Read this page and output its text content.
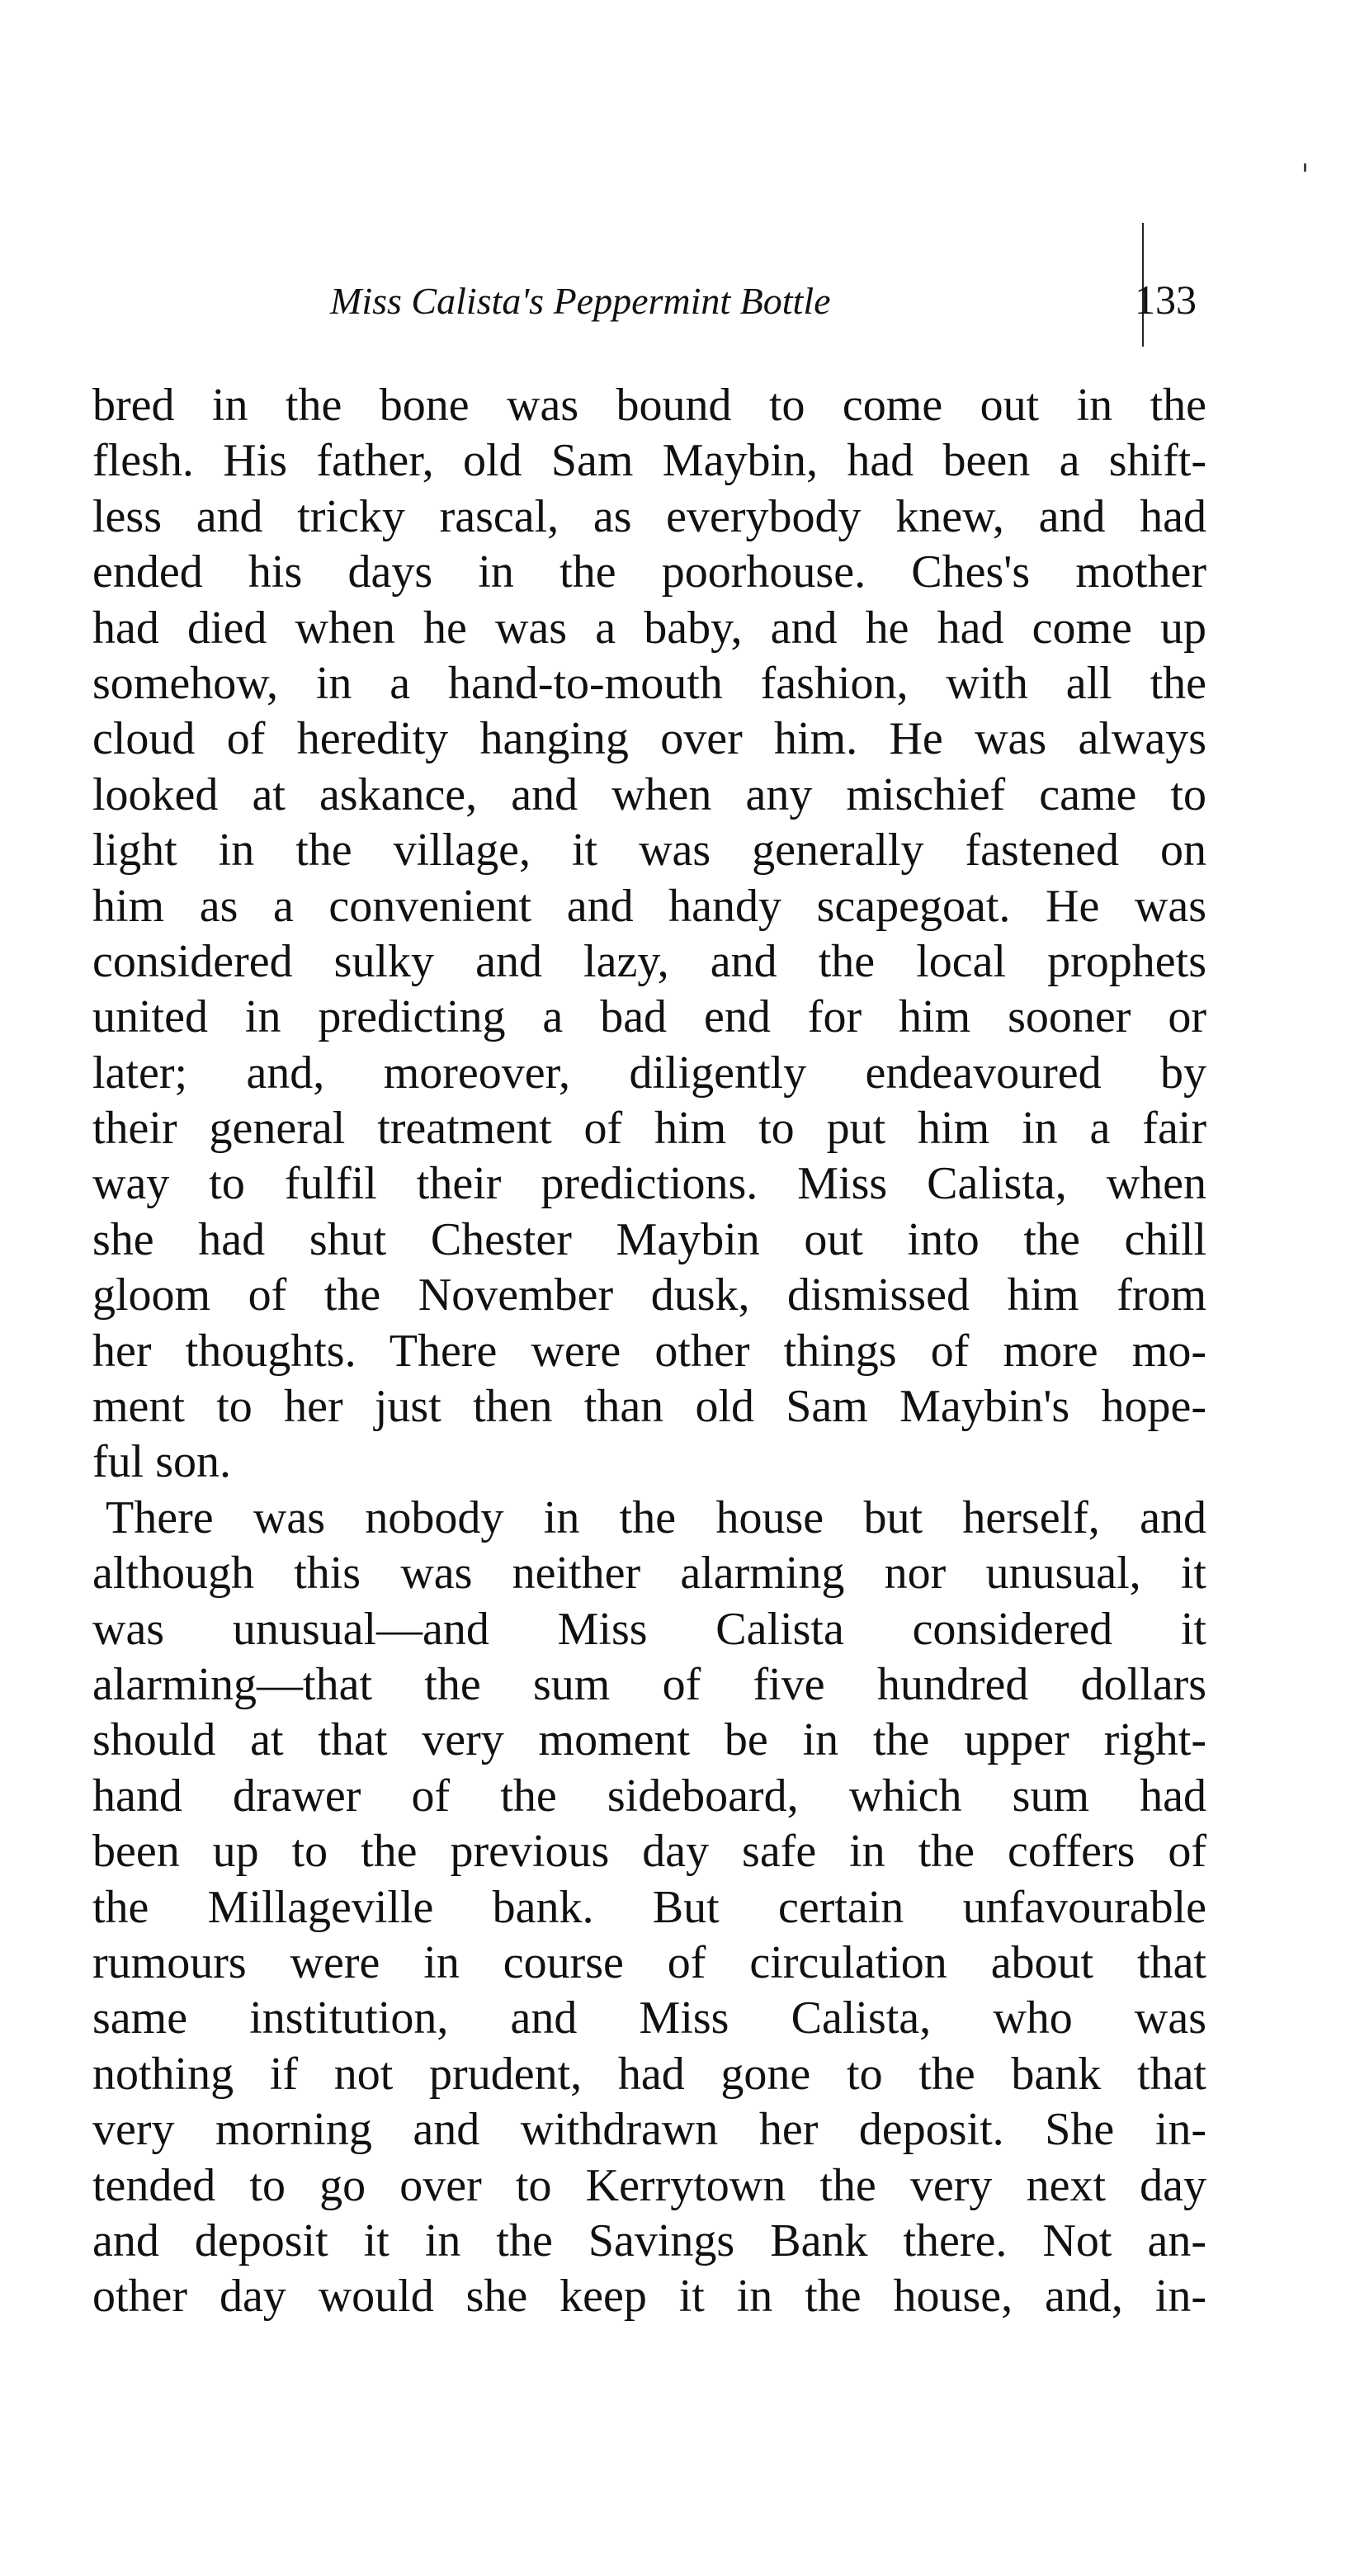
Miss Calista's Peppermint Bottle	133
bred in the bone was bound to come out in the
flesh. His father, old Sam Maybin, had been a shift-
less and tricky rascal, as everybody knew, and had
ended his days in the poorhouse. Ches's mother
had died when he was a baby, and he had come up
somehow, in a hand-to-mouth fashion, with all the
cloud of heredity hanging over him. He was always
looked at askance, and when any mischief came to
light in the village, it was generally fastened on
him as a convenient and handy scapegoat. He was
considered sulky and lazy, and the local prophets
united in predicting a bad end for him sooner or
later; and, moreover, diligently endeavoured by
their general treatment of him to put him in a fair
way to fulfil their predictions. Miss Calista, when
she had shut Chester Maybin out into the chill
gloom of the November dusk, dismissed him from
her thoughts. There were other things of more mo-
ment to her just then than old Sam Maybin's hope-
ful son.
There was nobody in the house but herself, and
although this was neither alarming nor unusual, it
was unusual—and Miss Calista considered it
alarming—that the sum of five hundred dollars
should at that very moment be in the upper right-
hand drawer of the sideboard, which sum had
been up to the previous day safe in the coffers of
the Millageville bank. But certain unfavourable
rumours were in course of circulation about that
same institution, and Miss Calista, who was
nothing if not prudent, had gone to the bank that
very morning and withdrawn her deposit. She in-
tended to go over to Kerrytown the very next day
and deposit it in the Savings Bank there. Not an-
other day would she keep it in the house, and, in-
